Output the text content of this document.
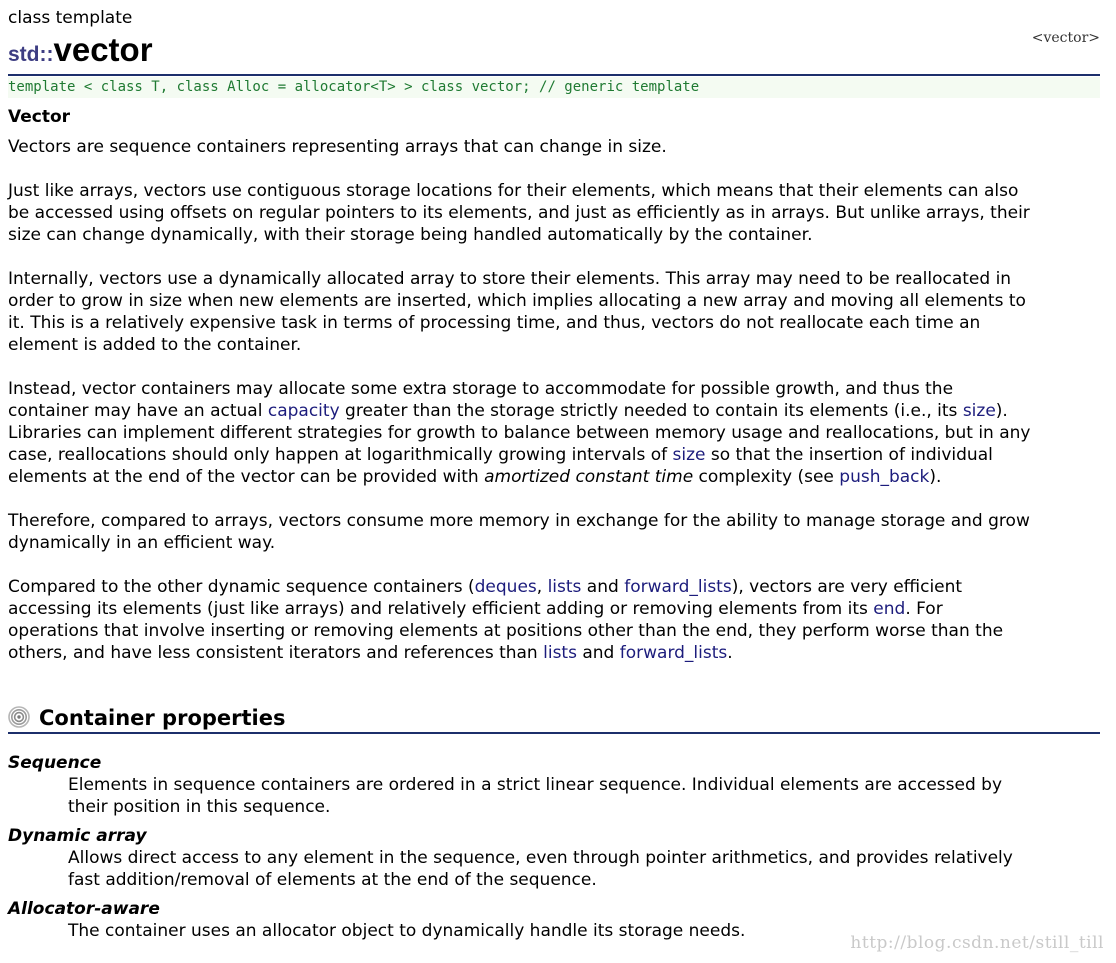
class template
std::vector	<vector>
template < class T, class Alloc = allocator<T> > class vector; // generic template
Vector
Vectors are sequence containers representing arrays that can change in size.
Just like arrays, vectors use contiguous storage locations for their elements, which means that their elements can also
be accessed using offsets on regular pointers to its elements, and just as efficiently as in arrays. But unlike arrays, their
size can change dynamically, with their storage being handled automatically by the container.
Internally, vectors use a dynamically allocated array to store their elements. This array may need to be reallocated in
order to grow in size when new elements are inserted, which implies allocating a new array and moving all elements to
it. This is a relatively expensive task in terms of processing time, and thus, vectors do not reallocate each time an
element is added to the container.
Instead, vector containers may allocate some extra storage to accommodate for possible growth, and thus the
container may have an actual capacity greater than the storage strictly needed to contain its elements (i.e., its size).
Libraries can implement different strategies for growth to balance between memory usage and reallocations, but in any
case, reallocations should only happen at logarithmically growing intervals of size so that the insertion of individual
elements at the end of the vector can be provided with amortized constant time complexity (see push_back).
Therefore, compared to arrays, vectors consume more memory in exchange for the ability to manage storage and grow
dynamically in an efficient way.
Compared to the other dynamic sequence containers (deques, lists and forward_lists), vectors are very efficient
accessing its elements (just like arrays) and relatively efficient adding or removing elements from its end. For
operations that involve inserting or removing elements at positions other than the end, they perform worse than the
others, and have less consistent iterators and references than lists and forward_lists.
Container properties
Sequence
Elements in sequence containers are ordered in a strict linear sequence. Individual elements are accessed by
their position in this sequence.
Dynamic array
Allows direct access to any element in the sequence, even through pointer arithmetics, and provides relatively
fast addition/removal of elements at the end of the sequence.
Allocator-aware
The container uses an allocator object to dynamically handle its storage needs.
http://blog.csdn.net/still_till
